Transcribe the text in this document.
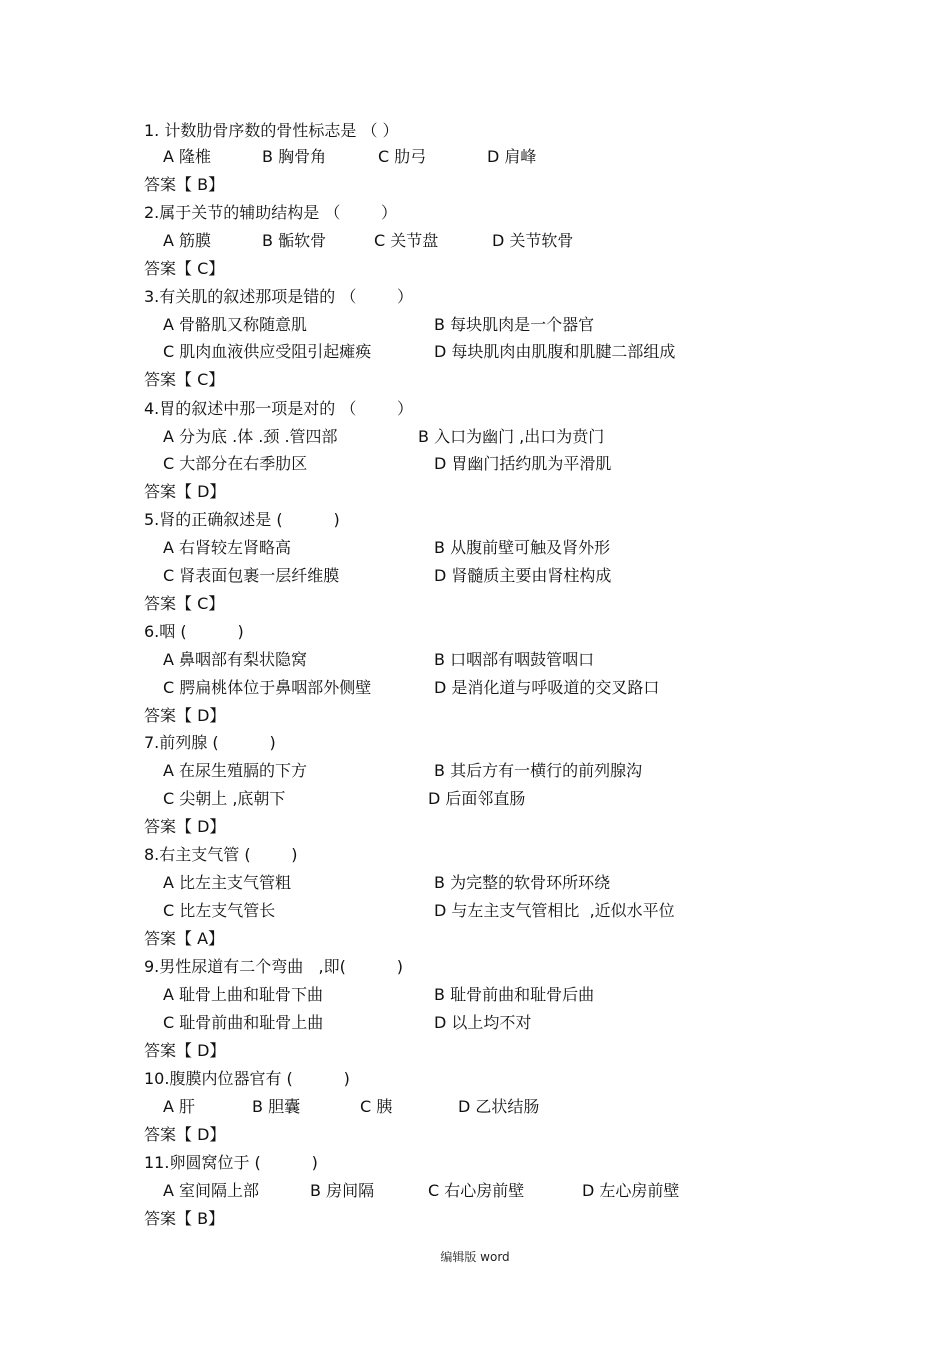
1. 计数肋骨序数的骨性标志是 （ ）
A 隆椎	B 胸骨角	C 肋弓	D 肩峰
答案【 B】
2.属于关节的辅助结构是 （        ）
A 筋膜	B 骺软骨	C 关节盘	D 关节软骨
答案【 C】
3.有关肌的叙述那项是错的 （        ）
A 骨骼肌又称随意肌	B 每块肌肉是一个器官
C 肌肉血液供应受阻引起瘫痪	D 每块肌肉由肌腹和肌腱二部组成
答案【 C】
4.胃的叙述中那一项是对的 （        ）
A 分为底 .体 .颈 .管四部	B 入口为幽门 ,出口为贲门
C 大部分在右季肋区	D 胃幽门括约肌为平滑肌
答案【 D】
5.肾的正确叙述是 (          )
A 右肾较左肾略高	B 从腹前壁可触及肾外形
C 肾表面包裹一层纤维膜	D 肾髓质主要由肾柱构成
答案【 C】
6.咽 (          )
A 鼻咽部有梨状隐窝	B 口咽部有咽鼓管咽口
C 腭扁桃体位于鼻咽部外侧壁	D 是消化道与呼吸道的交叉路口
答案【 D】
7.前列腺 (          )
A 在尿生殖膈的下方	B 其后方有一横行的前列腺沟
C 尖朝上 ,底朝下	D 后面邻直肠
答案【 D】
8.右主支气管 (        )
A 比左主支气管粗	B 为完整的软骨环所环绕
C 比左支气管长	D 与左主支气管相比  ,近似水平位
答案【 A】
9.男性尿道有二个弯曲   ,即(          )
A 耻骨上曲和耻骨下曲	B 耻骨前曲和耻骨后曲
C 耻骨前曲和耻骨上曲	D 以上均不对
答案【 D】
10.腹膜内位器官有 (          )
A 肝	B 胆囊	C 胰	D 乙状结肠
答案【 D】
11.卵圆窝位于 (          )
A 室间隔上部	B 房间隔	C 右心房前壁	D 左心房前壁
答案【 B】
编辑版 word
